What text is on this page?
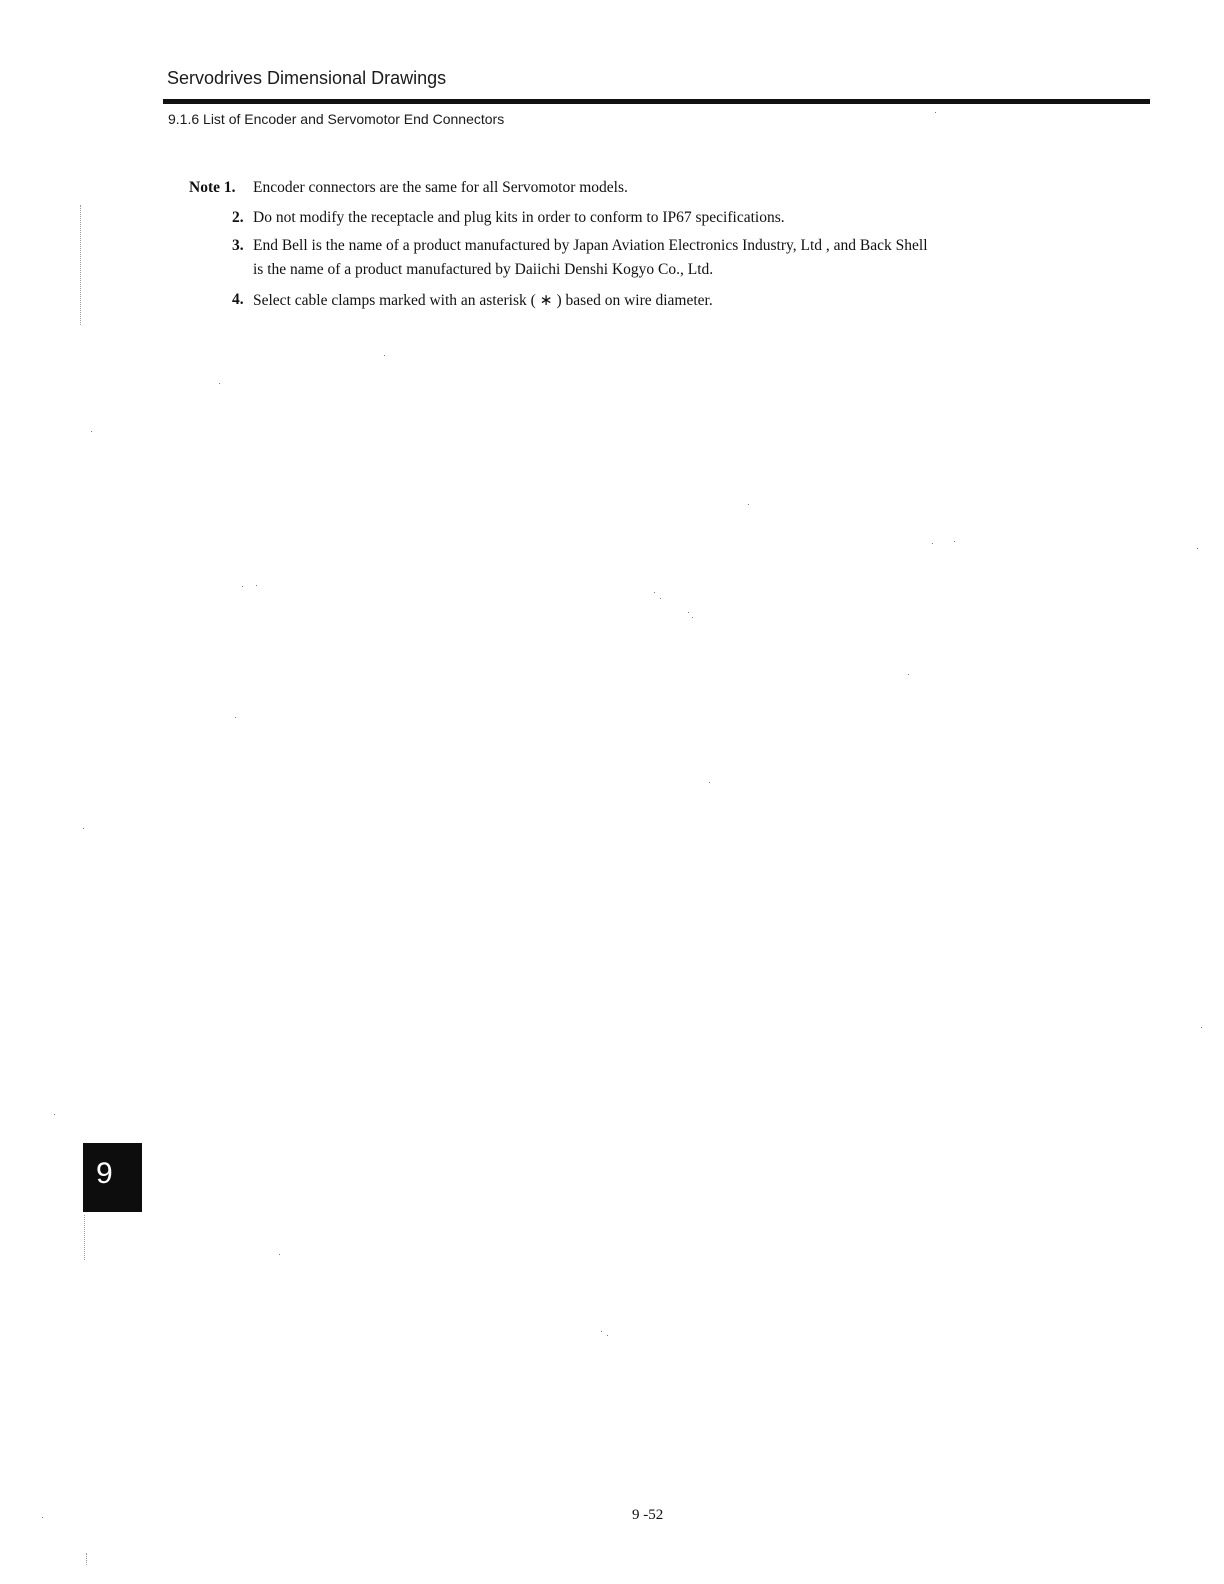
Servodrives Dimensional Drawings
9.1.6 List of Encoder and Servomotor End Connectors
Note 1. Encoder connectors are the same for all Servomotor models.
2. Do not modify the receptacle and plug kits in order to conform to IP67 specifications.
3. End Bell is the name of a product manufactured by Japan Aviation Electronics Industry, Ltd , and Back Shell
is the name of a product manufactured by Daiichi Denshi Kogyo Co., Ltd.
4. Select cable clamps marked with an asterisk ( ∗ ) based on wire diameter.
9
9 -52
